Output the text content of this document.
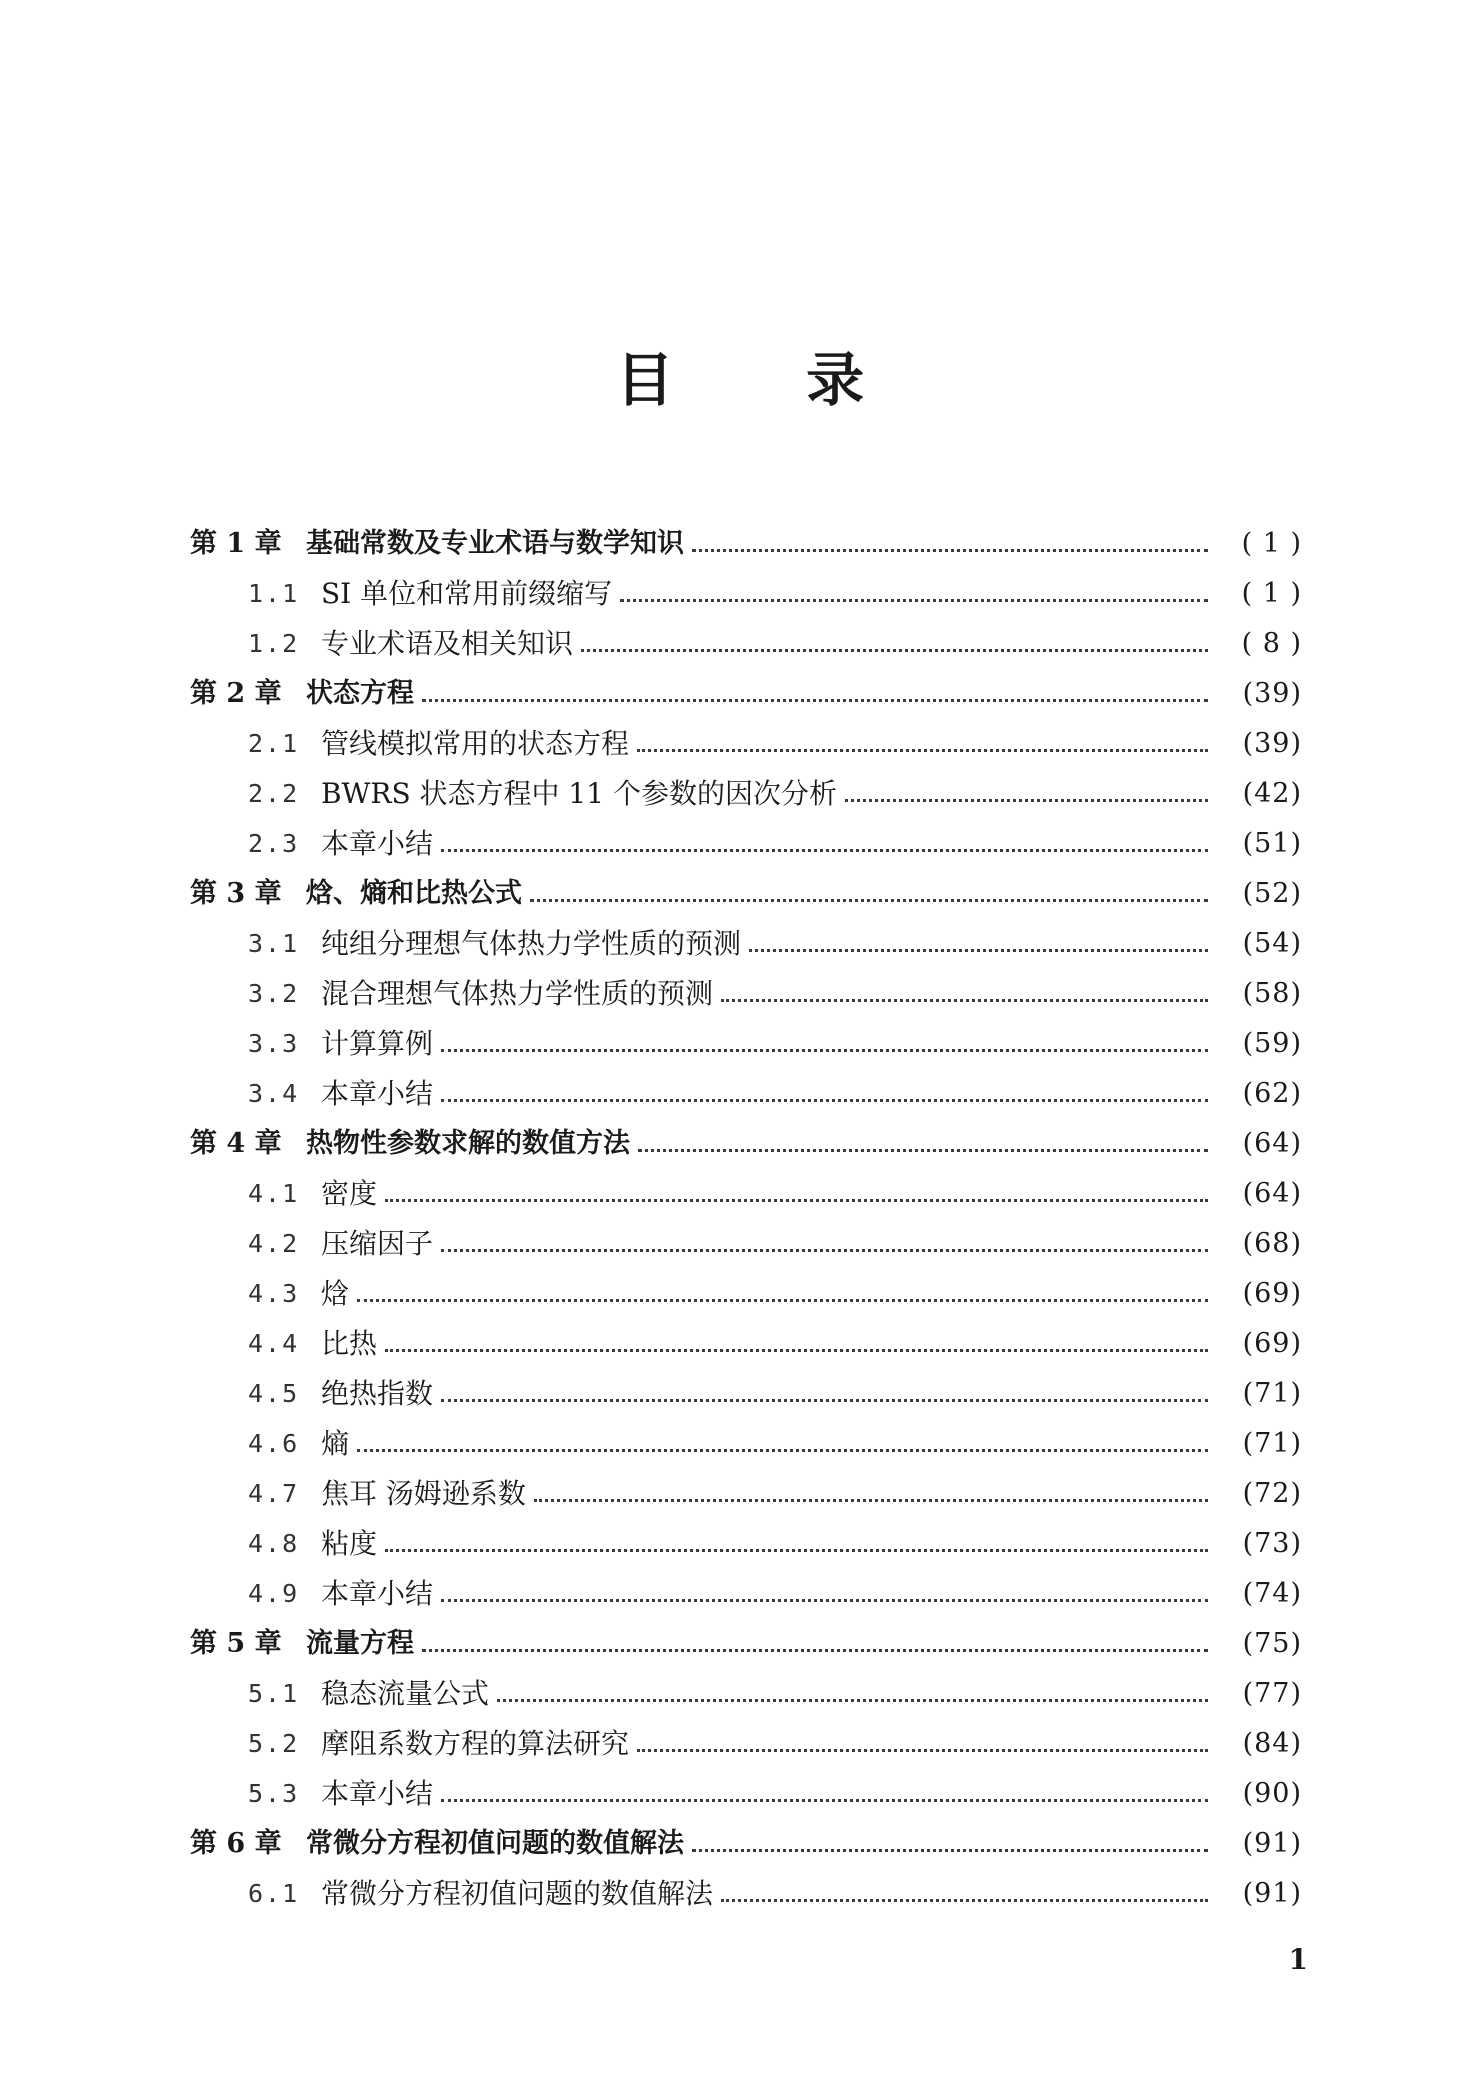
目 录
第 1 章 基础常数及专业术语与数学知识	( 1 )
1.1 SI 单位和常用前缀缩写	( 1 )
1.2 专业术语及相关知识	( 8 )
第 2 章 状态方程	(39)
2.1 管线模拟常用的状态方程	(39)
2.2 BWRS 状态方程中 11 个参数的因次分析	(42)
2.3 本章小结	(51)
第 3 章 焓、熵和比热公式	(52)
3.1 纯组分理想气体热力学性质的预测	(54)
3.2 混合理想气体热力学性质的预测	(58)
3.3 计算算例	(59)
3.4 本章小结	(62)
第 4 章 热物性参数求解的数值方法	(64)
4.1 密度	(64)
4.2 压缩因子	(68)
4.3 焓	(69)
4.4 比热	(69)
4.5 绝热指数	(71)
4.6 熵	(71)
4.7 焦耳 汤姆逊系数	(72)
4.8 粘度	(73)
4.9 本章小结	(74)
第 5 章 流量方程	(75)
5.1 稳态流量公式	(77)
5.2 摩阻系数方程的算法研究	(84)
5.3 本章小结	(90)
第 6 章 常微分方程初值问题的数值解法	(91)
6.1 常微分方程初值问题的数值解法	(91)
1
